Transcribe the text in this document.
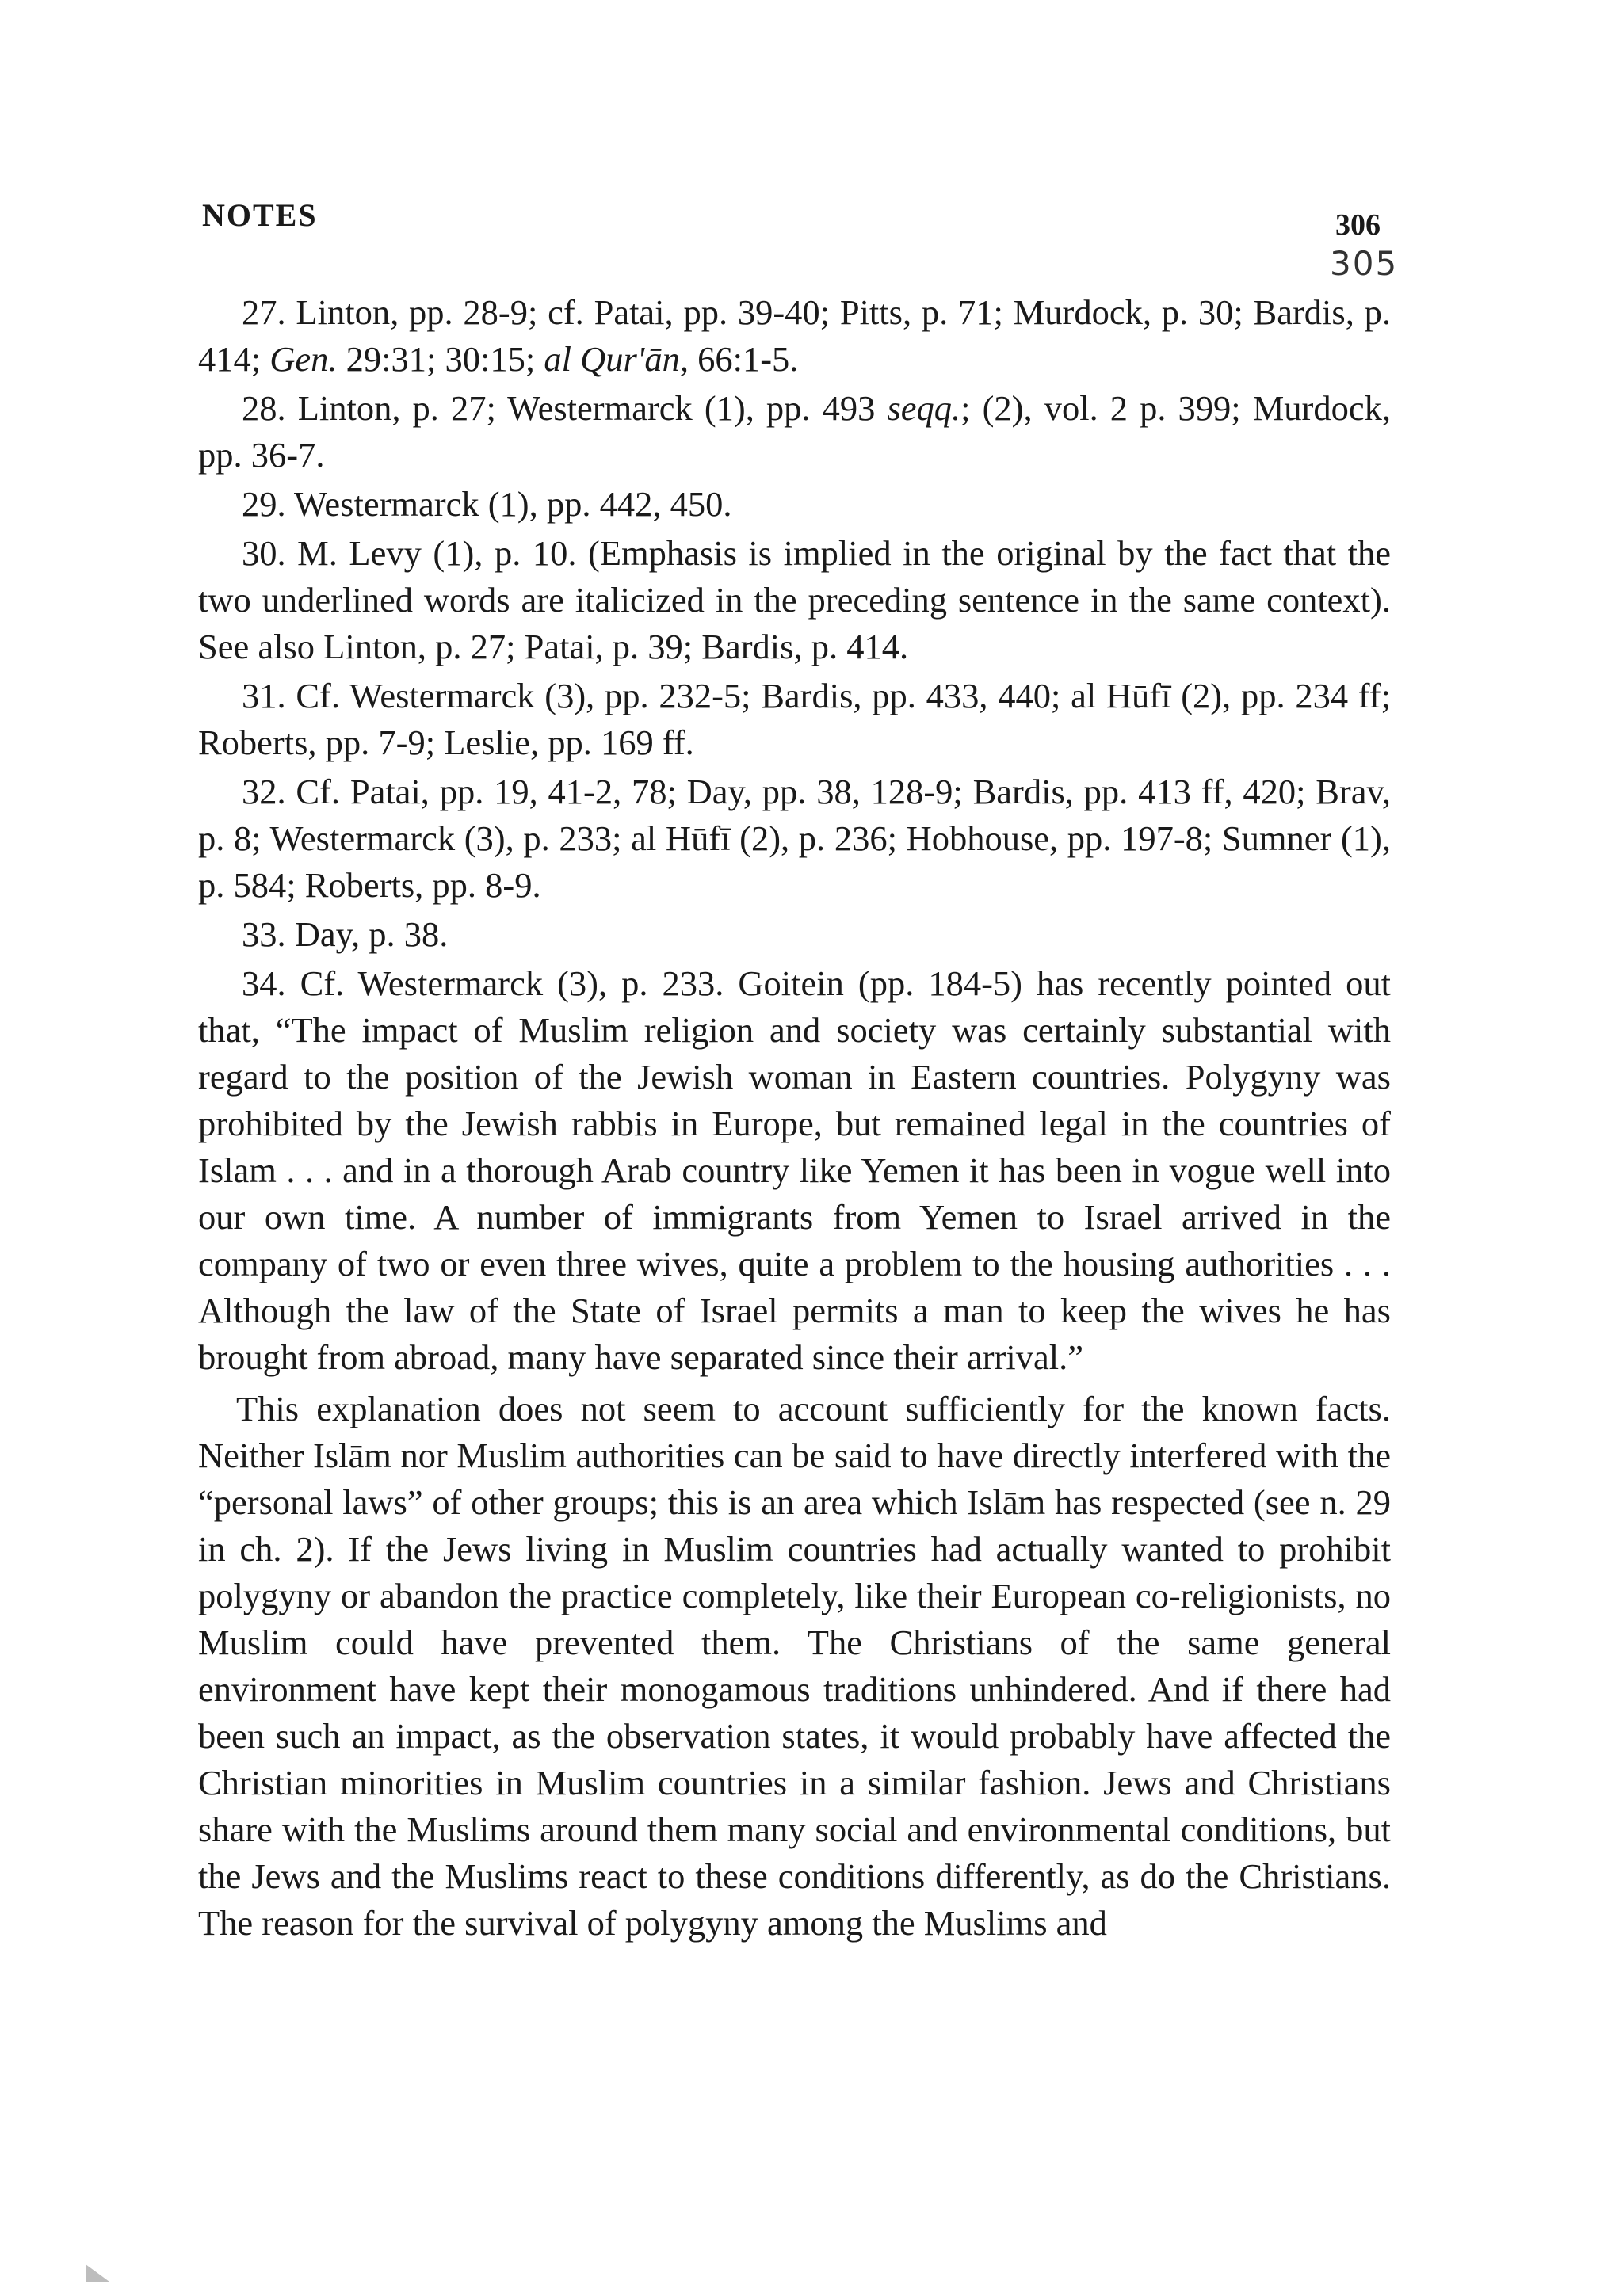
NOTES	306
305

27. Linton, pp. 28-9; cf. Patai, pp. 39-40; Pitts, p. 71; Murdock, p. 30; Bardis, p. 414; Gen. 29:31; 30:15; al Qur'ān, 66:1-5.

28. Linton, p. 27; Westermarck (1), pp. 493 seqq.; (2), vol. 2 p. 399; Murdock, pp. 36-7.

29. Westermarck (1), pp. 442, 450.

30. M. Levy (1), p. 10. (Emphasis is implied in the original by the fact that the two underlined words are italicized in the preceding sentence in the same context). See also Linton, p. 27; Patai, p. 39; Bardis, p. 414.

31. Cf. Westermarck (3), pp. 232-5; Bardis, pp. 433, 440; al Hūfī (2), pp. 234 ff; Roberts, pp. 7-9; Leslie, pp. 169 ff.

32. Cf. Patai, pp. 19, 41-2, 78; Day, pp. 38, 128-9; Bardis, pp. 413 ff, 420; Brav, p. 8; Westermarck (3), p. 233; al Hūfī (2), p. 236; Hobhouse, pp. 197-8; Sumner (1), p. 584; Roberts, pp. 8-9.

33. Day, p. 38.

34. Cf. Westermarck (3), p. 233. Goitein (pp. 184-5) has recently pointed out that, “The impact of Muslim religion and society was certainly substantial with regard to the position of the Jewish woman in Eastern countries. Polygyny was prohibited by the Jewish rabbis in Europe, but remained legal in the countries of Islam . . . and in a thorough Arab country like Yemen it has been in vogue well into our own time. A number of immigrants from Yemen to Israel arrived in the company of two or even three wives, quite a problem to the housing authorities . . . Although the law of the State of Israel permits a man to keep the wives he has brought from abroad, many have separated since their arrival.”

This explanation does not seem to account sufficiently for the known facts. Neither Islām nor Muslim authorities can be said to have directly interfered with the “personal laws” of other groups; this is an area which Islām has respected (see n. 29 in ch. 2). If the Jews living in Muslim countries had actually wanted to prohibit polygyny or abandon the practice completely, like their European co-religionists, no Muslim could have prevented them. The Christians of the same general environment have kept their monogamous traditions unhindered. And if there had been such an impact, as the observation states, it would probably have affected the Christian minorities in Muslim countries in a similar fashion. Jews and Christians share with the Muslims around them many social and environmental conditions, but the Jews and the Muslims react to these conditions differently, as do the Christians. The reason for the survival of polygyny among the Muslims and
